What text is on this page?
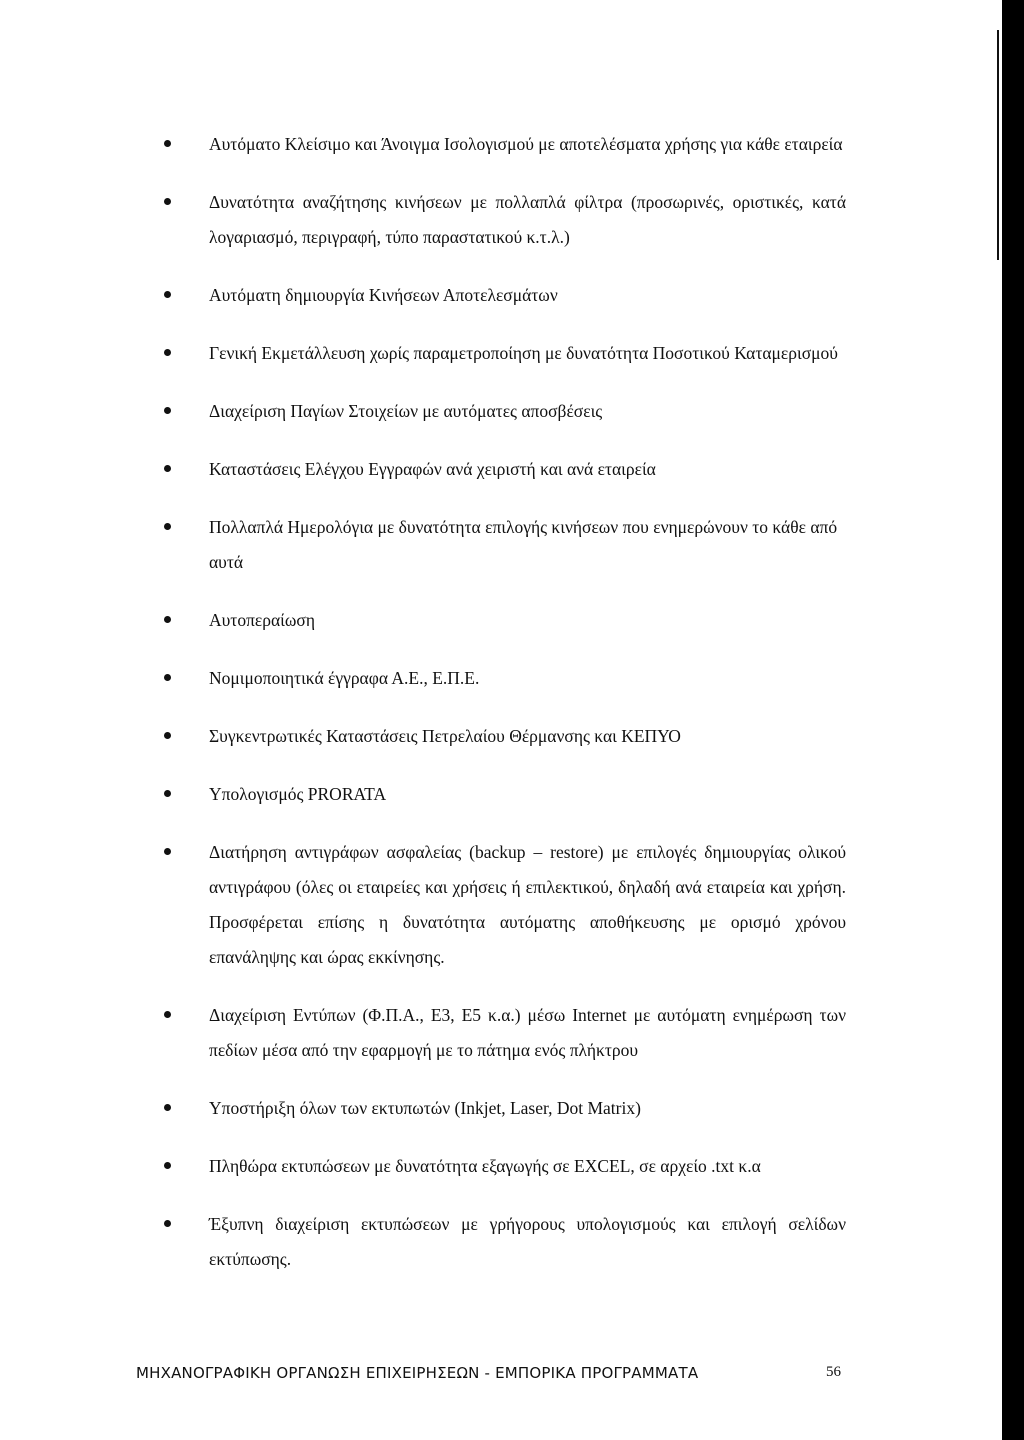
Αυτόματο Κλείσιμο και Άνοιγμα Ισολογισμού με αποτελέσματα χρήσης για κάθε εταιρεία
Δυνατότητα αναζήτησης κινήσεων με πολλαπλά φίλτρα (προσωρινές, οριστικές, κατά λογαριασμό, περιγραφή, τύπο παραστατικού κ.τ.λ.)
Αυτόματη δημιουργία Κινήσεων Αποτελεσμάτων
Γενική Εκμετάλλευση χωρίς παραμετροποίηση με δυνατότητα Ποσοτικού Καταμερισμού
Διαχείριση Παγίων Στοιχείων με αυτόματες αποσβέσεις
Καταστάσεις Ελέγχου Εγγραφών ανά χειριστή και ανά εταιρεία
Πολλαπλά Ημερολόγια με δυνατότητα επιλογής κινήσεων που ενημερώνουν το κάθε από αυτά
Αυτοπεραίωση
Νομιμοποιητικά έγγραφα Α.Ε., Ε.Π.Ε.
Συγκεντρωτικές Καταστάσεις Πετρελαίου Θέρμανσης και ΚΕΠΥΟ
Υπολογισμός PRORATA
Διατήρηση αντιγράφων ασφαλείας (backup – restore) με επιλογές δημιουργίας ολικού αντιγράφου (όλες οι εταιρείες και χρήσεις ή επιλεκτικού, δηλαδή ανά εταιρεία και χρήση. Προσφέρεται επίσης η δυνατότητα αυτόματης αποθήκευσης με ορισμό χρόνου επανάληψης και ώρας εκκίνησης.
Διαχείριση Εντύπων (Φ.Π.Α., Ε3, Ε5 κ.α.) μέσω Internet με αυτόματη ενημέρωση των πεδίων μέσα από την εφαρμογή με το πάτημα ενός πλήκτρου
Υποστήριξη όλων των εκτυπωτών (Inkjet, Laser, Dot Matrix)
Πληθώρα εκτυπώσεων με δυνατότητα εξαγωγής σε EXCEL, σε αρχείο .txt κ.α
Έξυπνη διαχείριση εκτυπώσεων με γρήγορους υπολογισμούς και επιλογή σελίδων εκτύπωσης.
ΜΗΧΑΝΟΓΡΑΦΙΚΗ ΟΡΓΑΝΩΣΗ ΕΠΙΧΕΙΡΗΣΕΩΝ - ΕΜΠΟΡΙΚΑ ΠΡΟΓΡΑΜΜΑΤΑ	56
